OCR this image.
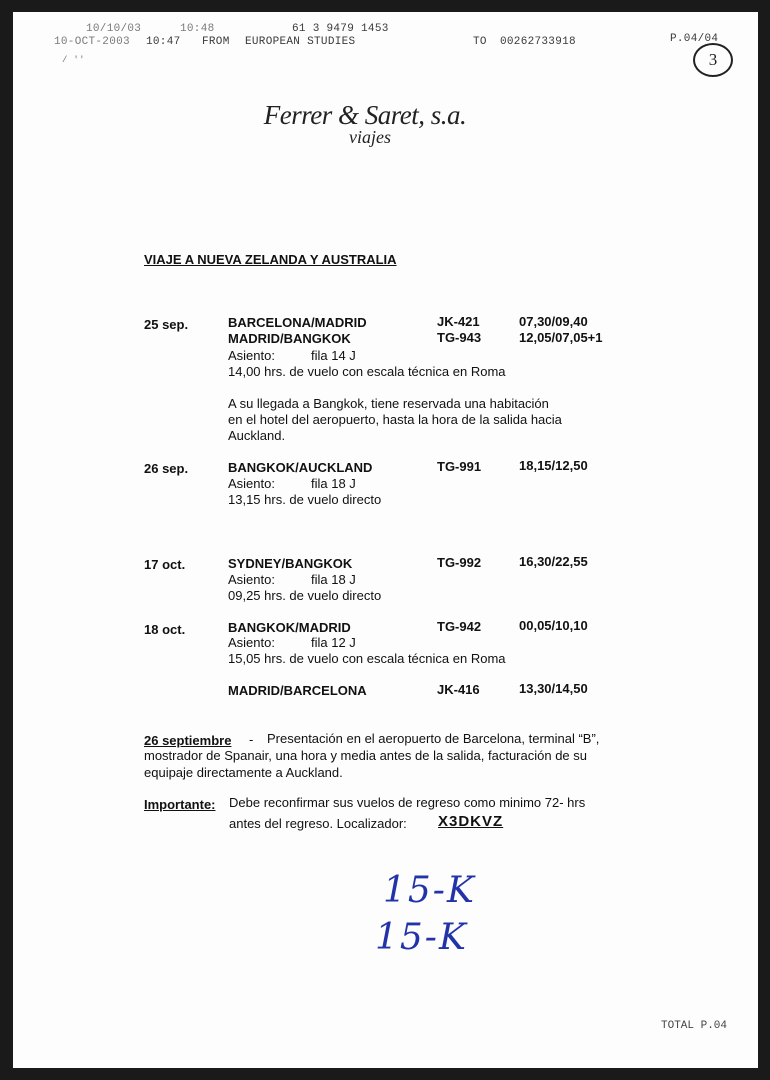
10/10/03	10:48	61 3 9479 1453
10-OCT-2003 10:47 FROM EUROPEAN STUDIES	TO 00262733918	P.04/04
/ ''	3
Ferrer & Saret, s.a.
viajes
VIAJE A NUEVA ZELANDA Y AUSTRALIA
25 sep.	BARCELONA/MADRID	JK-421	07,30/09,40
MADRID/BANGKOK	TG-943	12,05/07,05+1
Asiento:	fila 14 J
14,00 hrs. de vuelo con escala técnica en Roma
A su llegada a Bangkok, tiene reservada una habitación
en el hotel del aeropuerto, hasta la hora de la salida hacia
Auckland.
26 sep.	BANGKOK/AUCKLAND	TG-991	18,15/12,50
Asiento:	fila 18 J
13,15 hrs. de vuelo directo
17 oct.	SYDNEY/BANGKOK	TG-992	16,30/22,55
Asiento:	fila 18 J
09,25 hrs. de vuelo directo
18 oct.	BANGKOK/MADRID	TG-942	00,05/10,10
Asiento:	fila 12 J
15,05 hrs. de vuelo con escala técnica en Roma
MADRID/BARCELONA	JK-416	13,30/14,50
26 septiembre - Presentación en el aeropuerto de Barcelona, terminal “B”,
mostrador de Spanair, una hora y media antes de la salida, facturación de su
equipaje directamente a Auckland.
Importante: Debe reconfirmar sus vuelos de regreso como minimo 72- hrs
antes del regreso. Localizador: X3DKVZ
15-K
15-K
TOTAL P.04
